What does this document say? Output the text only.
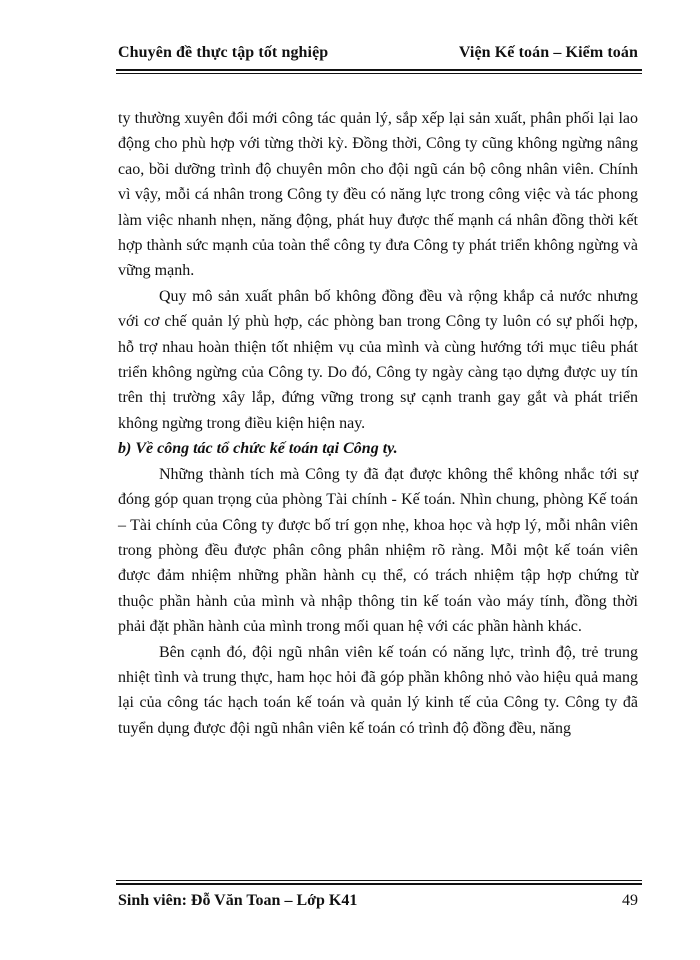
Chuyên đề thực tập tốt nghiệp	Viện Kế toán – Kiểm toán

ty thường xuyên đổi mới công tác quản lý, sắp xếp lại sản xuất, phân phối lại lao động cho phù hợp với từng thời kỳ. Đồng thời, Công ty cũng không ngừng nâng cao, bồi dưỡng trình độ chuyên môn cho đội ngũ cán bộ công nhân viên. Chính vì vậy, mỗi cá nhân trong Công ty đều có năng lực trong công việc và tác phong làm việc nhanh nhẹn, năng động, phát huy được thế mạnh cá nhân đồng thời kết hợp thành sức mạnh của toàn thể công ty đưa Công ty phát triển không ngừng và vững mạnh.

Quy mô sản xuất phân bố không đồng đều và rộng khắp cả nước nhưng với cơ chế quản lý phù hợp, các phòng ban trong Công ty luôn có sự phối hợp, hỗ trợ nhau hoàn thiện tốt nhiệm vụ của mình và cùng hướng tới mục tiêu phát triển không ngừng của Công ty. Do đó, Công ty ngày càng tạo dựng được uy tín trên thị trường xây lắp, đứng vững trong sự cạnh tranh gay gắt và phát triển không ngừng trong điều kiện hiện nay.

b) Về công tác tổ chức kế toán tại Công ty.

Những thành tích mà Công ty đã đạt được không thể không nhắc tới sự đóng góp quan trọng của phòng Tài chính - Kế toán. Nhìn chung, phòng Kế toán – Tài chính của Công ty được bố trí gọn nhẹ, khoa học và hợp lý, mỗi nhân viên trong phòng đều được phân công phân nhiệm rõ ràng. Mỗi một kế toán viên được đảm nhiệm những phần hành cụ thể, có trách nhiệm tập hợp chứng từ thuộc phần hành của mình và nhập thông tin kế toán vào máy tính, đồng thời phải đặt phần hành của mình trong mối quan hệ với các phần hành khác.

Bên cạnh đó, đội ngũ nhân viên kế toán có năng lực, trình độ, trẻ trung nhiệt tình và trung thực, ham học hỏi đã góp phần không nhỏ vào hiệu quả mang lại của công tác hạch toán kế toán và quản lý kinh tế của Công ty. Công ty đã tuyển dụng được đội ngũ nhân viên kế toán có trình độ đồng đều, năng

Sinh viên: Đỗ Văn Toan – Lớp K41	49
